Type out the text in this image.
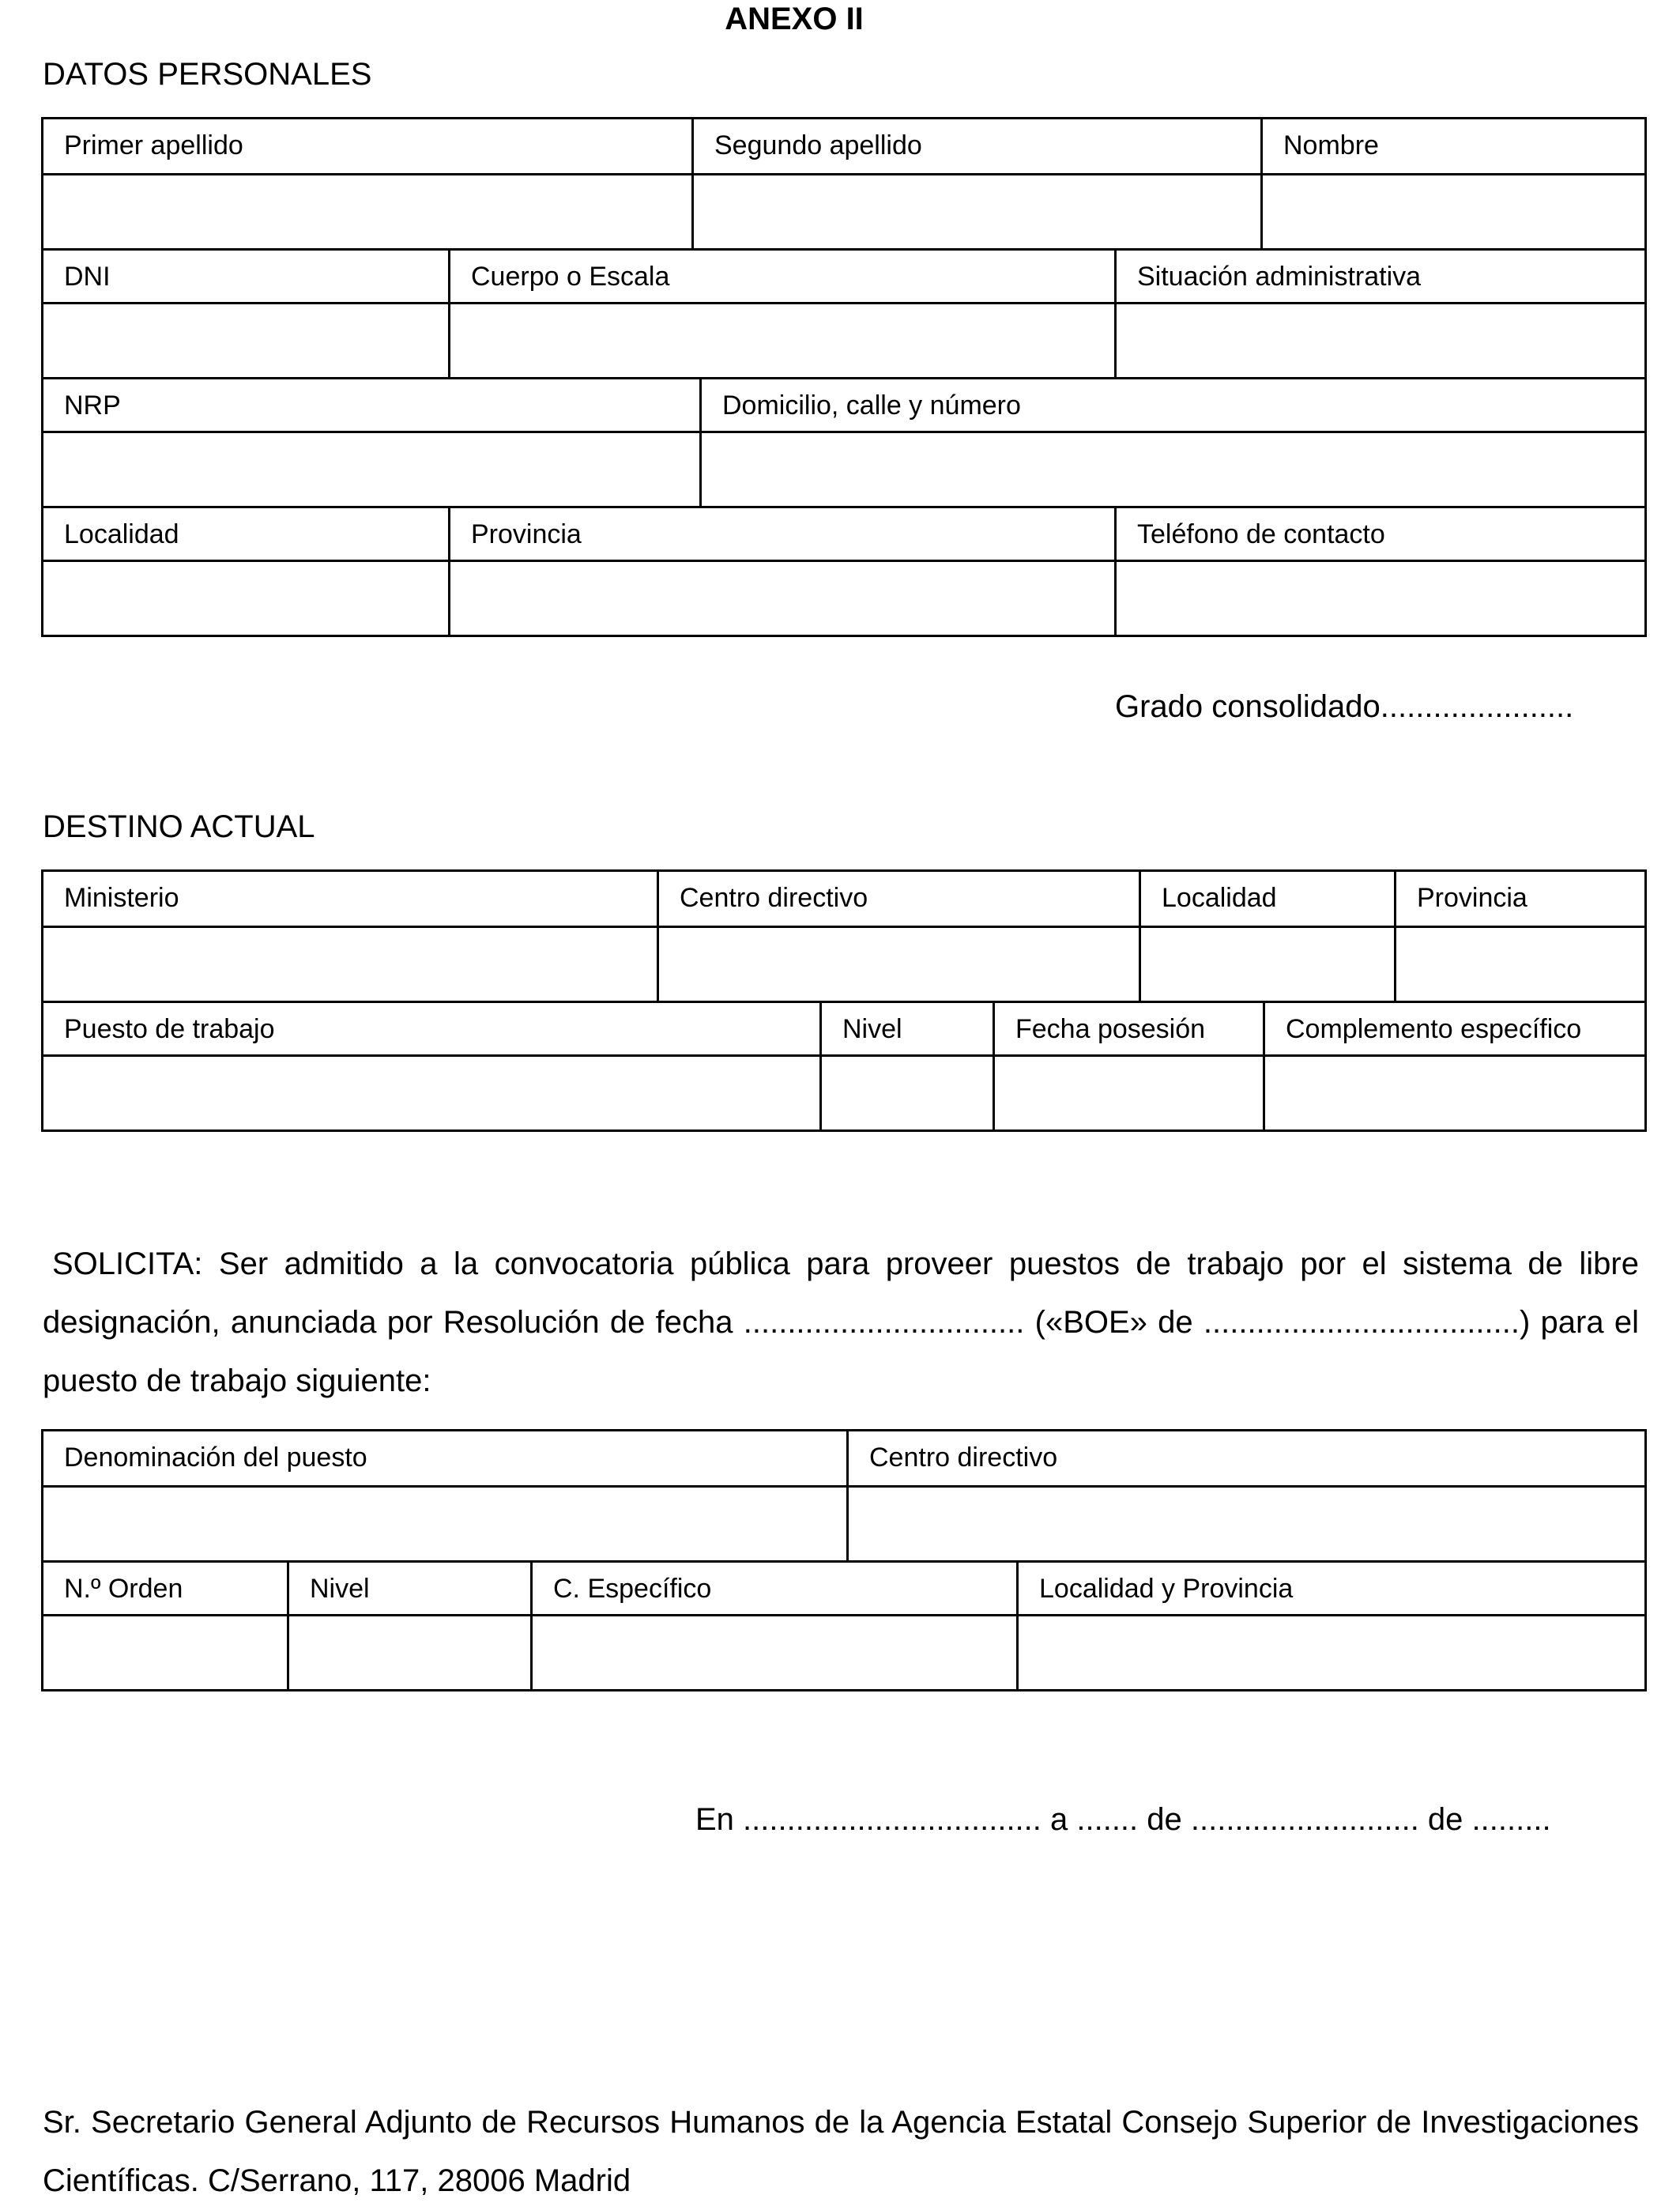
ANEXO II
DATOS PERSONALES
Primer apellido	Segundo apellido	Nombre
DNI	Cuerpo o Escala	Situación administrativa
NRP	Domicilio, calle y número
Localidad	Provincia	Teléfono de contacto
Grado consolidado......................
DESTINO ACTUAL
Ministerio	Centro directivo	Localidad	Provincia
Puesto de trabajo	Nivel	Fecha posesión	Complemento específico
SOLICITA: Ser admitido a la convocatoria pública para proveer puestos de trabajo por el sistema de libre designación, anunciada por Resolución de fecha ................................ («BOE» de ....................................) para el puesto de trabajo siguiente:
Denominación del puesto	Centro directivo
N.º Orden	Nivel	C. Específico	Localidad y Provincia
En .................................. a ....... de .......................... de .........
Sr. Secretario General Adjunto de Recursos Humanos de la Agencia Estatal Consejo Superior de Investigaciones Científicas. C/Serrano, 117, 28006 Madrid
